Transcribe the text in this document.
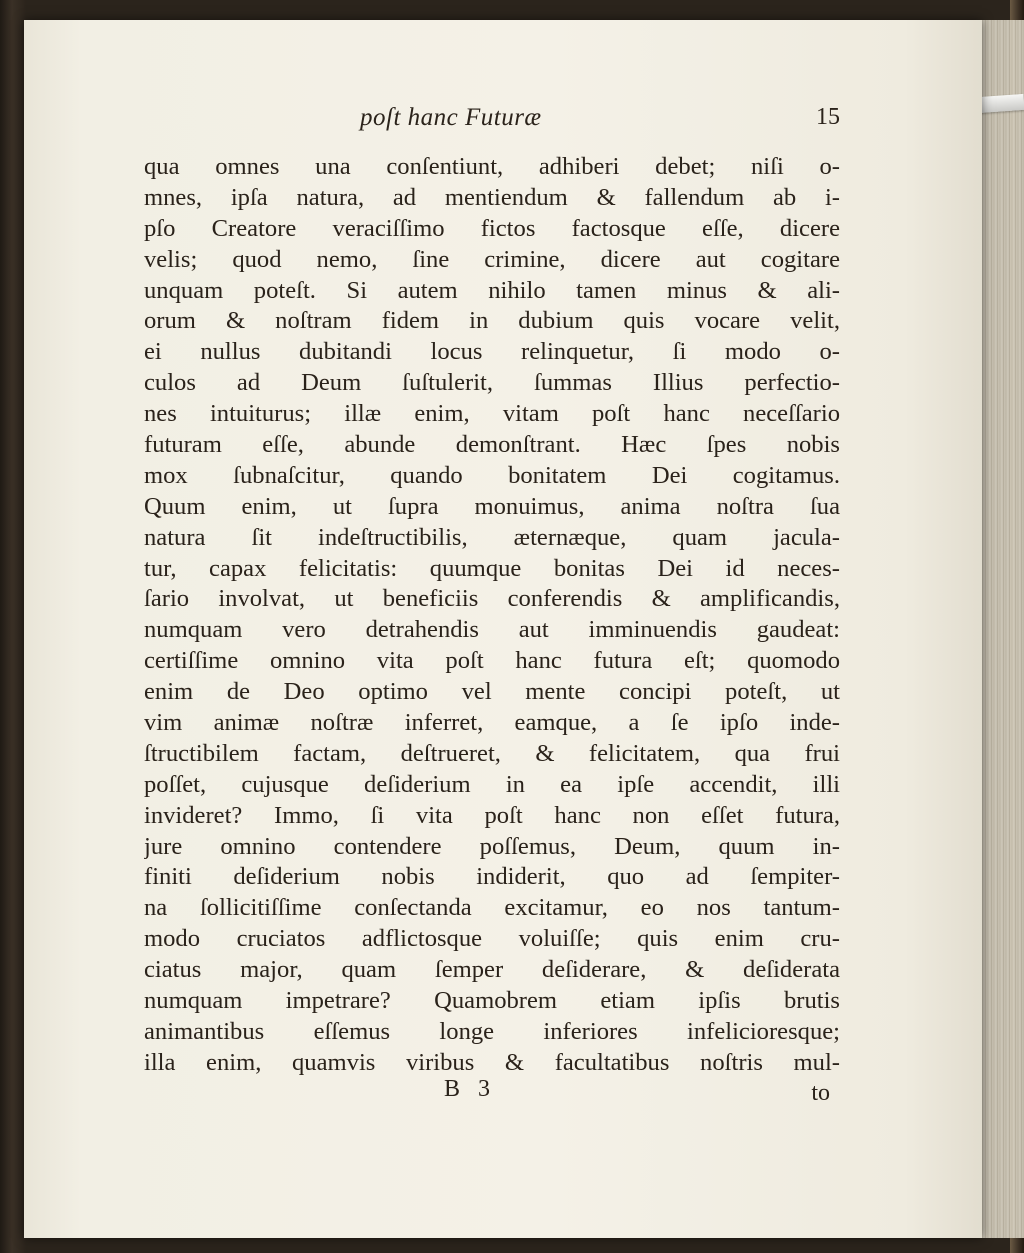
poſt hanc Futuræ	15
qua omnes una conſentiunt, adhiberi debet; niſi o-
mnes, ipſa natura, ad mentiendum & fallendum ab i-
pſo Creatore veraciſſimo fictos factosque eſſe, dicere
velis; quod nemo, ſine crimine, dicere aut cogitare
unquam poteſt. Si autem nihilo tamen minus & ali-
orum & noſtram fidem in dubium quis vocare velit,
ei nullus dubitandi locus relinquetur, ſi modo o-
culos ad Deum ſuſtulerit, ſummas Illius perfectio-
nes intuiturus; illæ enim, vitam poſt hanc neceſſario
futuram eſſe, abunde demonſtrant. Hæc ſpes nobis
mox ſubnaſcitur, quando bonitatem Dei cogitamus.
Quum enim, ut ſupra monuimus, anima noſtra ſua
natura ſit indeſtructibilis, æternæque, quam jacula-
tur, capax felicitatis: quumque bonitas Dei id neces-
ſario involvat, ut beneficiis conferendis & amplificandis,
numquam vero detrahendis aut imminuendis gaudeat:
certiſſime omnino vita poſt hanc futura eſt; quomodo
enim de Deo optimo vel mente concipi poteſt, ut
vim animæ noſtræ inferret, eamque, a ſe ipſo inde-
ſtructibilem factam, deſtrueret, & felicitatem, qua frui
poſſet, cujusque deſiderium in ea ipſe accendit, illi
invideret? Immo, ſi vita poſt hanc non eſſet futura,
jure omnino contendere poſſemus, Deum, quum in-
finiti deſiderium nobis indiderit, quo ad ſempiter-
na ſollicitiſſime conſectanda excitamur, eo nos tantum-
modo cruciatos adflictosque voluiſſe; quis enim cru-
ciatus major, quam ſemper deſiderare, & deſiderata
numquam impetrare? Quamobrem etiam ipſis brutis
animantibus eſſemus longe inferiores infelicioresque;
illa enim, quamvis viribus & facultatibus noſtris mul-
B 3	to
